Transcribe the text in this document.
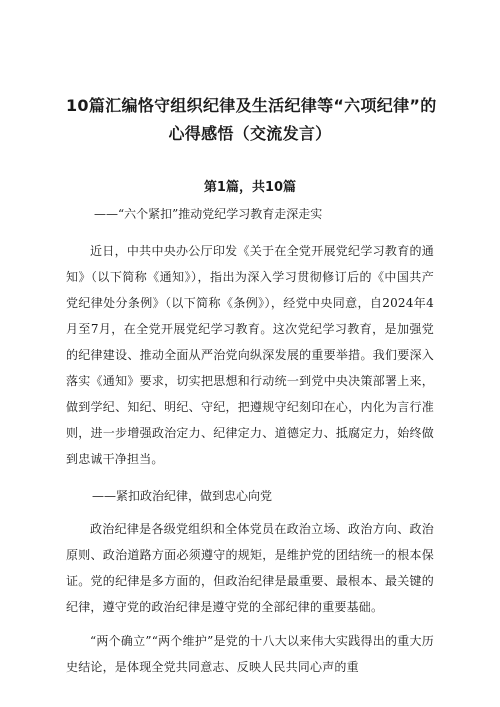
10篇汇编恪守组织纪律及生活纪律等“六项纪律”的
心得感悟（交流发言）
第1篇，共10篇
——“六个紧扣”推动党纪学习教育走深走实

近日，中共中央办公厅印发《关于在全党开展党纪学习教育的通知》（以下简称《通知》），指出为深入学习贯彻修订后的《中国共产党纪律处分条例》（以下简称《条例》），经党中央同意，自2024年4月至7月，在全党开展党纪学习教育。这次党纪学习教育，是加强党的纪律建设、推动全面从严治党向纵深发展的重要举措。我们要深入落实《通知》要求，切实把思想和行动统一到党中央决策部署上来，做到学纪、知纪、明纪、守纪，把遵规守纪刻印在心，内化为言行准则，进一步增强政治定力、纪律定力、道德定力、抵腐定力，始终做到忠诚干净担当。

——紧扣政治纪律，做到忠心向党

政治纪律是各级党组织和全体党员在政治立场、政治方向、政治原则、政治道路方面必须遵守的规矩，是维护党的团结统一的根本保证。党的纪律是多方面的，但政治纪律是最重要、最根本、最关键的纪律，遵守党的政治纪律是遵守党的全部纪律的重要基础。

“两个确立”“两个维护”是党的十八大以来伟大实践得出的重大历史结论，是体现全党共同意志、反映人民共同心声的重
